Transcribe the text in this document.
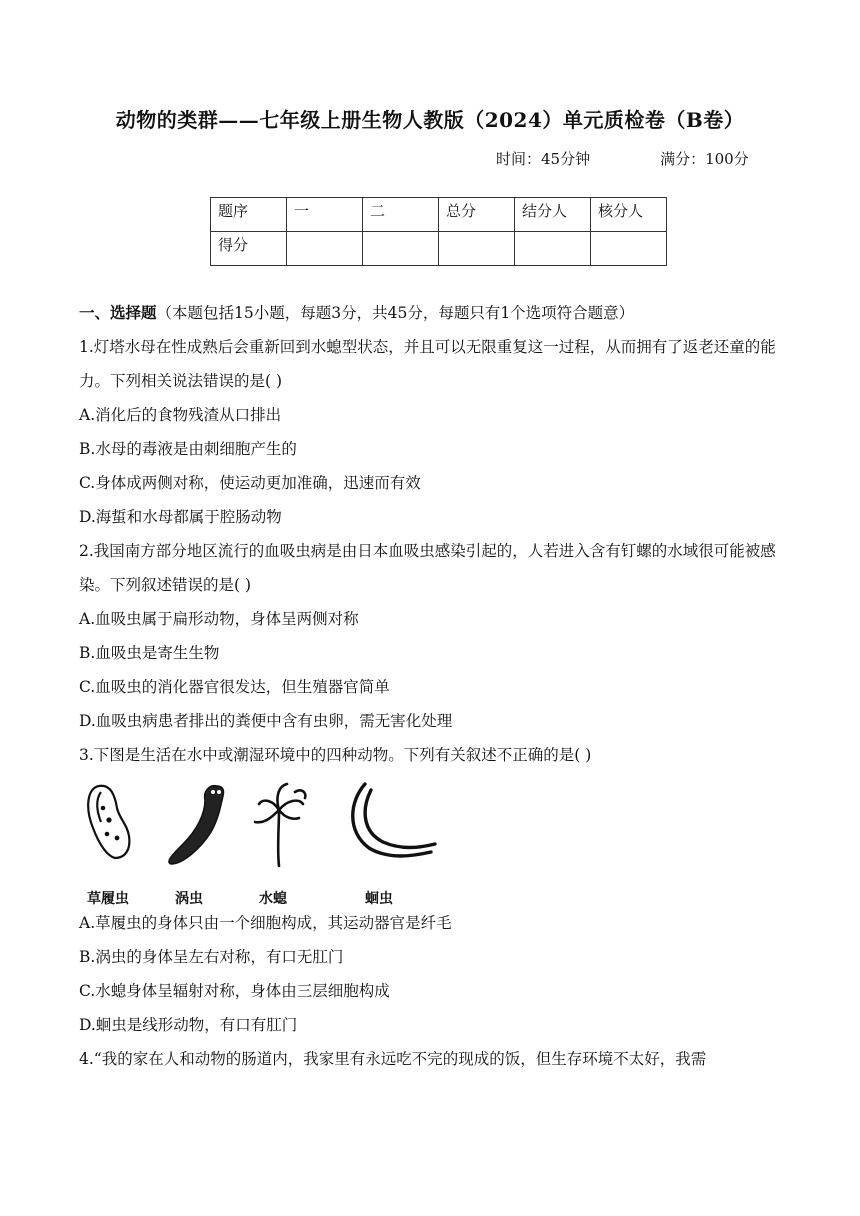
动物的类群——七年级上册生物人教版（2024）单元质检卷（B卷）
时间：45分钟	满分：100分
题序	一	二	总分	结分人	核分人
得分					

一、选择题（本题包括15小题，每题3分，共45分，每题只有1个选项符合题意）

1.灯塔水母在性成熟后会重新回到水螅型状态，并且可以无限重复这一过程，从而拥有了返老还童的能力。下列相关说法错误的是( )

A.消化后的食物残渣从口排出

B.水母的毒液是由刺细胞产生的

C.身体成两侧对称，使运动更加准确，迅速而有效

D.海蜇和水母都属于腔肠动物

2.我国南方部分地区流行的血吸虫病是由日本血吸虫感染引起的，人若进入含有钉螺的水域很可能被感染。下列叙述错误的是( )

A.血吸虫属于扁形动物，身体呈两侧对称

B.血吸虫是寄生生物

C.血吸虫的消化器官很发达，但生殖器官简单

D.血吸虫病患者排出的粪便中含有虫卵，需无害化处理

3.下图是生活在水中或潮湿环境中的四种动物。下列有关叙述不正确的是( )

草履虫	涡虫	水螅	蛔虫

A.草履虫的身体只由一个细胞构成，其运动器官是纤毛

B.涡虫的身体呈左右对称，有口无肛门

C.水螅身体呈辐射对称，身体由三层细胞构成

D.蛔虫是线形动物，有口有肛门

4.“我的家在人和动物的肠道内，我家里有永远吃不完的现成的饭，但生存环境不太好，我需
